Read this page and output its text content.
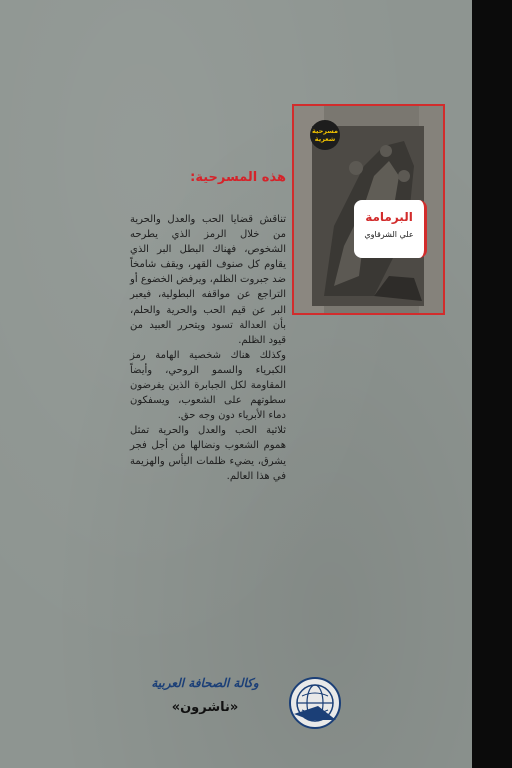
مسرحية
شعرية
البرمامة
علي الشرقاوي
هذه المسرحية:

تناقش قضايا الحب والعدل والحرية من خلال الرمز الذي يطرحه الشخوص، فهناك البطل البر الذي يقاوم كل صنوف القهر، ويقف شامخاً ضد جبروت الظلم، ويرفض الخضوع أو التراجع عن مواقفه البطولية، فيعبر البر عن قيم الحب والحرية والحلم، بأن العدالة تسود ويتحرر العبيد من قيود الظلم.

وكذلك هناك شخصية الهامة رمز الكبرياء والسمو الروحي، وأيضاً المقاومة لكل الجبابرة الذين يفرضون سطوتهم على الشعوب، ويسفكون دماء الأبرياء دون وجه حق.

ثلاثية الحب والعدل والحرية تمثل هموم الشعوب ونضالها من أجل فجر يشرق، يضيء ظلمات اليأس والهزيمة في هذا العالم.

وكالة الصحافة العربية
«ناشرون»
